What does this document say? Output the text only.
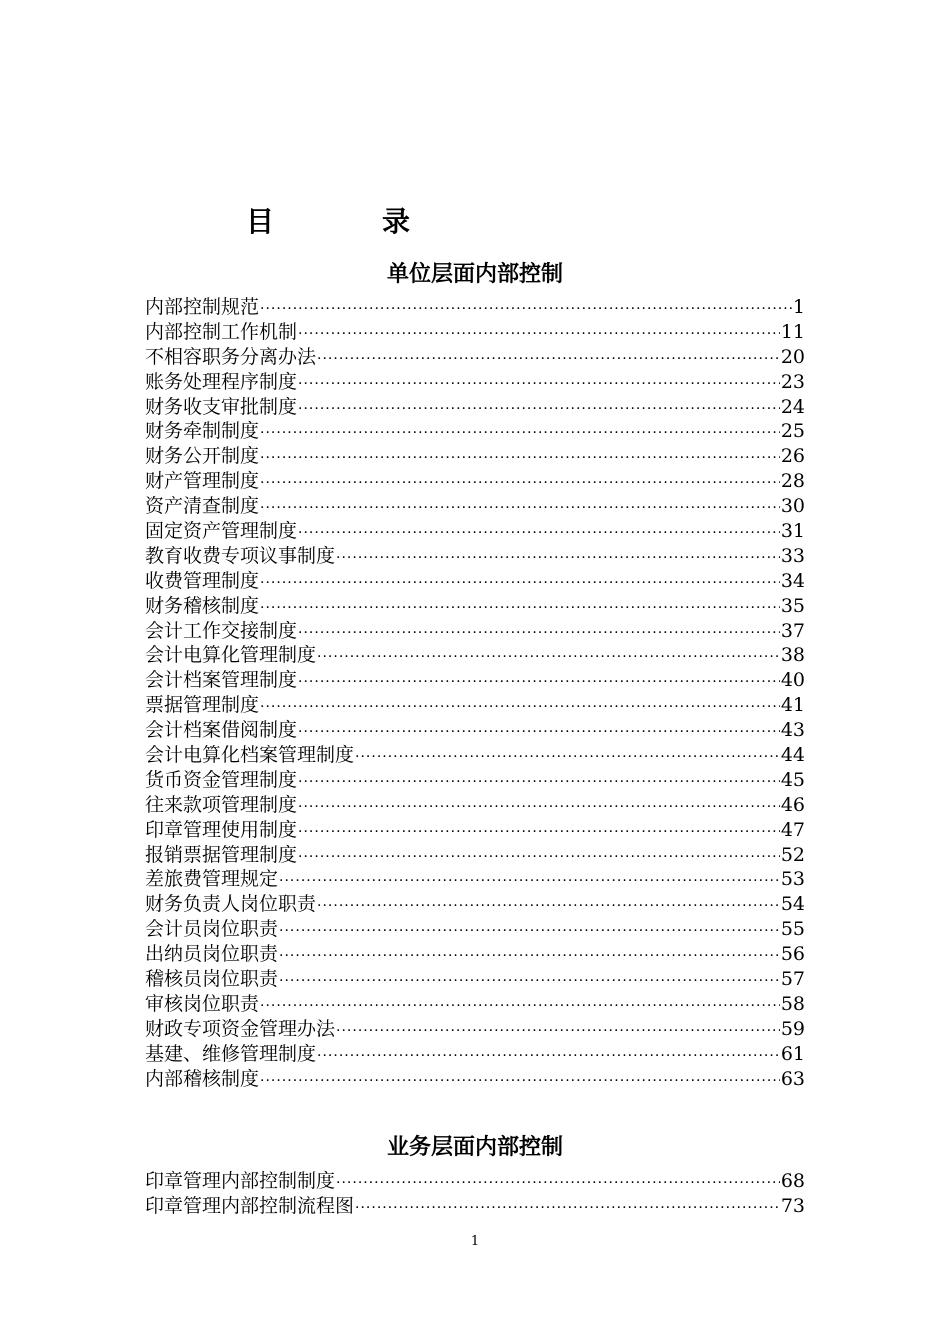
目	录
单位层面内部控制
内部控制规范 ·····	1
内部控制工作机制 ·····	11
不相容职务分离办法 ·····	20
账务处理程序制度 ·····	23
财务收支审批制度 ·····	24
财务牵制制度 ·····	25
财务公开制度 ·····	26
财产管理制度 ·····	28
资产清查制度 ·····	30
固定资产管理制度 ·····	31
教育收费专项议事制度 ·····	33
收费管理制度 ·····	34
财务稽核制度 ·····	35
会计工作交接制度 ·····	37
会计电算化管理制度 ·····	38
会计档案管理制度 ·····	40
票据管理制度 ·····	41
会计档案借阅制度 ·····	43
会计电算化档案管理制度 ·····	44
货币资金管理制度 ·····	45
往来款项管理制度 ·····	46
印章管理使用制度 ·····	47
报销票据管理制度 ·····	52
差旅费管理规定 ·····	53
财务负责人岗位职责 ·····	54
会计员岗位职责 ·····	55
出纳员岗位职责 ·····	56
稽核员岗位职责 ·····	57
审核岗位职责 ·····	58
财政专项资金管理办法 ·····	59
基建、维修管理制度 ·····	61
内部稽核制度 ·····	63
业务层面内部控制
印章管理内部控制制度 ·····	68
印章管理内部控制流程图 ·····	73
1
